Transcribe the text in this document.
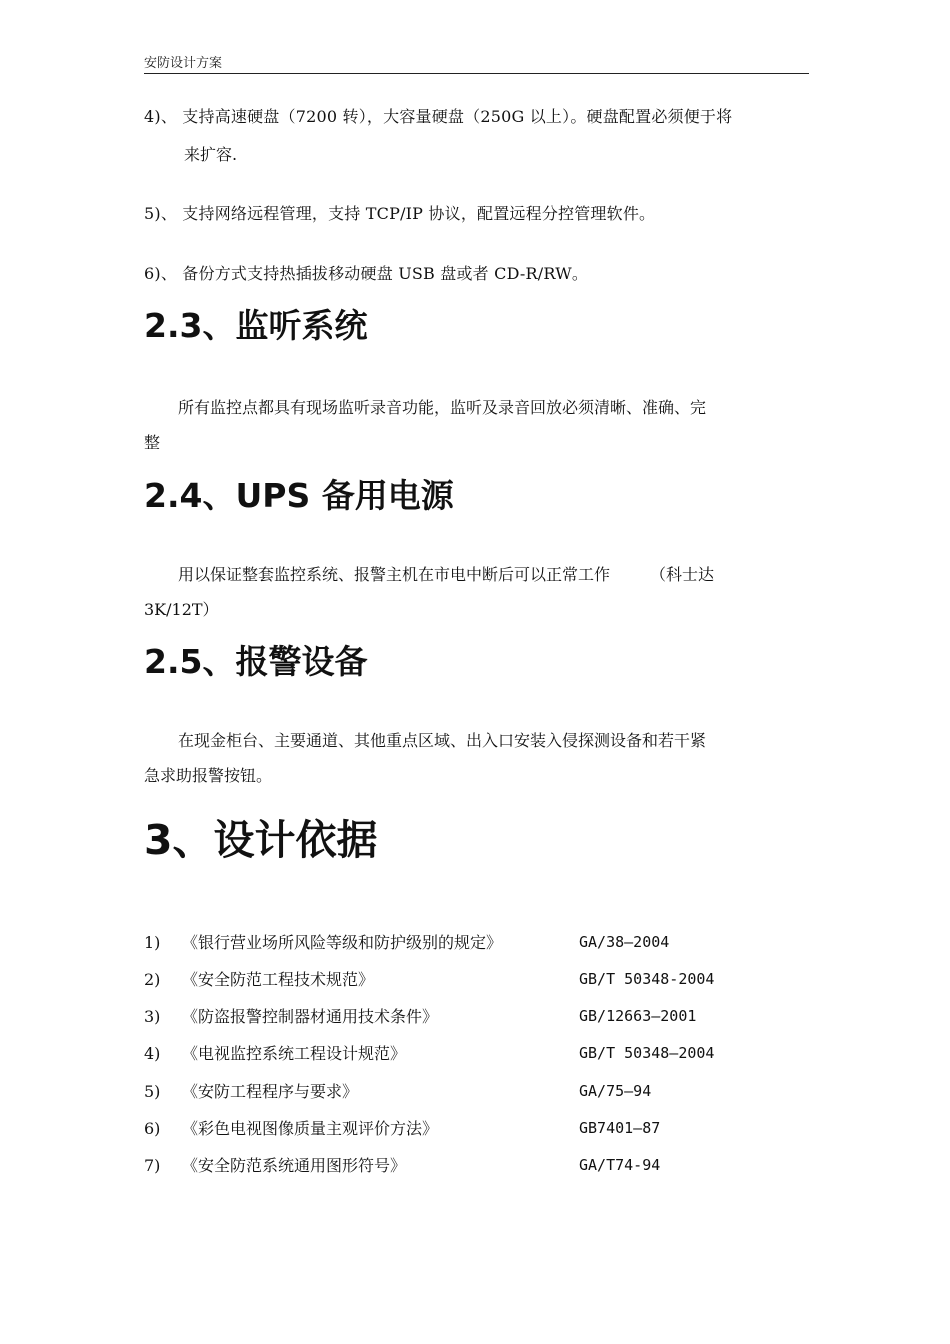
安防设计方案
4)、 支持高速硬盘（7200 转），大容量硬盘（250G 以上）。硬盘配置必须便于将
来扩容.
5)、 支持网络远程管理，支持 TCP/IP 协议，配置远程分控管理软件。
6)、 备份方式支持热插拔移动硬盘 USB 盘或者 CD-R/RW。
2.3、监听系统
所有监控点都具有现场监听录音功能，监听及录音回放必须清晰、准确、完
整
2.4、UPS 备用电源
用以保证整套监控系统、报警主机在市电中断后可以正常工作	（科士达
3K/12T）
2.5、报警设备
在现金柜台、主要通道、其他重点区域、出入口安装入侵探测设备和若干紧
急求助报警按钮。
3、设计依据
1) 《银行营业场所风险等级和防护级别的规定》	GA/38—2004
2) 《安全防范工程技术规范》	GB/T 50348-2004
3) 《防盗报警控制器材通用技术条件》	GB/12663—2001
4) 《电视监控系统工程设计规范》	GB/T 50348—2004
5) 《安防工程程序与要求》	GA/75—94
6) 《彩色电视图像质量主观评价方法》	GB7401—87
7) 《安全防范系统通用图形符号》	GA/T74-94
